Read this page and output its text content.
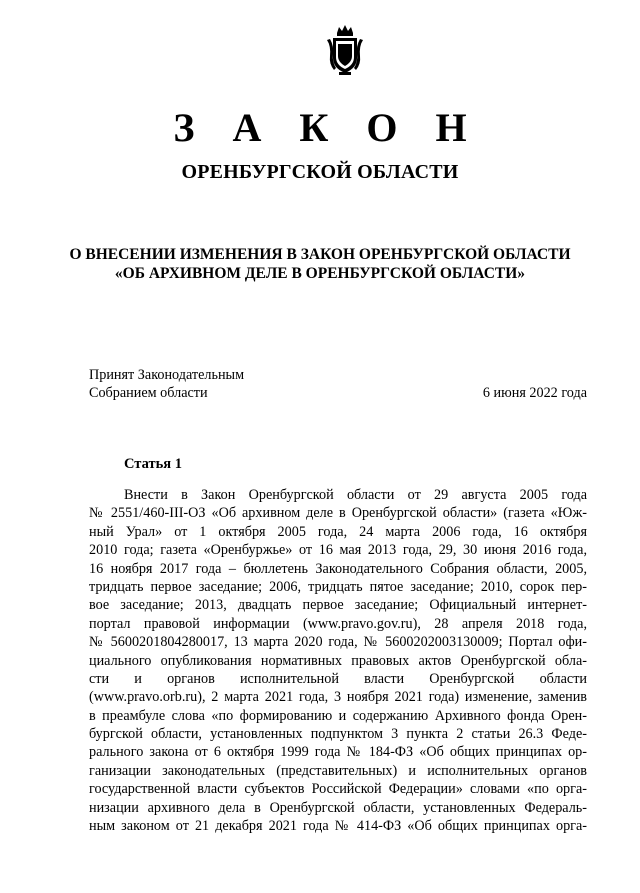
З А К О Н
ОРЕНБУРГСКОЙ ОБЛАСТИ
О ВНЕСЕНИИ ИЗМЕНЕНИЯ В ЗАКОН ОРЕНБУРГСКОЙ ОБЛАСТИ
«ОБ АРХИВНОМ ДЕЛЕ В ОРЕНБУРГСКОЙ ОБЛАСТИ»
Принят Законодательным
Собранием области	6 июня 2022 года
Статья 1
Внести в Закон Оренбургской области от 29 августа 2005 года
№ 2551/460-III-ОЗ «Об архивном деле в Оренбургской области» (газета «Юж-
ный Урал» от 1 октября 2005 года, 24 марта 2006 года, 16 октября
2010 года; газета «Оренбуржье» от 16 мая 2013 года, 29, 30 июня 2016 года,
16 ноября 2017 года – бюллетень Законодательного Собрания области, 2005,
тридцать первое заседание; 2006, тридцать пятое заседание; 2010, сорок пер-
вое заседание; 2013, двадцать первое заседание; Официальный интернет-
портал правовой информации (www.pravo.gov.ru), 28 апреля 2018 года,
№ 5600201804280017, 13 марта 2020 года, № 5600202003130009; Портал офи-
циального опубликования нормативных правовых актов Оренбургской обла-
сти и органов исполнительной власти Оренбургской области
(www.pravo.orb.ru), 2 марта 2021 года, 3 ноября 2021 года) изменение, заменив
в преамбуле слова «по формированию и содержанию Архивного фонда Орен-
бургской области, установленных подпунктом 3 пункта 2 статьи 26.3 Феде-
рального закона от 6 октября 1999 года № 184-ФЗ «Об общих принципах ор-
ганизации законодательных (представительных) и исполнительных органов
государственной власти субъектов Российской Федерации» словами «по орга-
низации архивного дела в Оренбургской области, установленных Федераль-
ным законом от 21 декабря 2021 года № 414-ФЗ «Об общих принципах орга-
